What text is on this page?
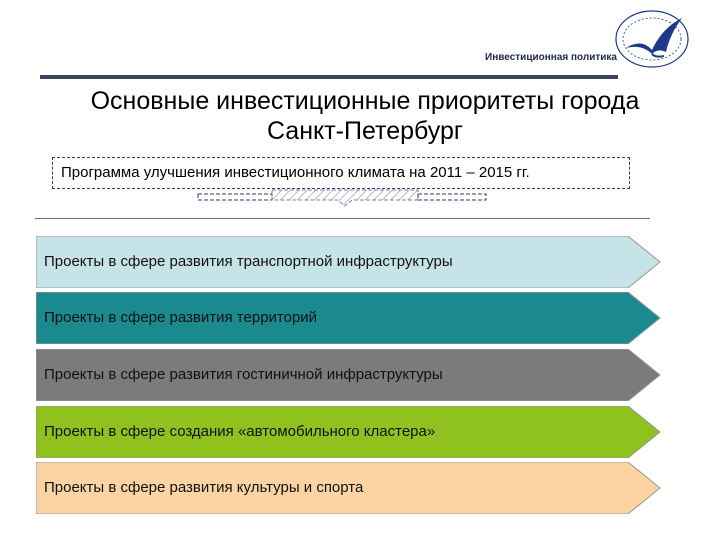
Инвестиционная политика
Основные инвестиционные приоритеты города
Санкт-Петербург
Программа улучшения инвестиционного климата на 2011 – 2015 гг.
Проекты в сфере развития транспортной инфраструктуры
Проекты в сфере развития территорий
Проекты в сфере развития гостиничной инфраструктуры
Проекты в сфере создания «автомобильного кластера»
Проекты в сфере развития культуры и спорта
